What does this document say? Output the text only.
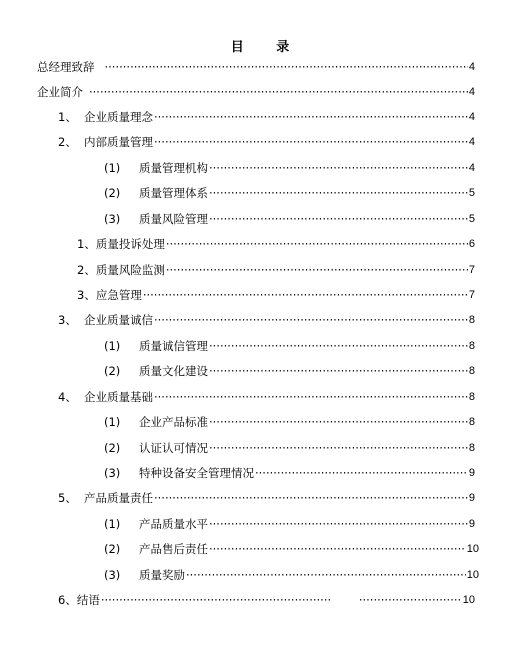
目 录
总经理致辞 ·····	4
企业简介 ·····	4
1、 企业质量理念 ·····	4
2、 内部质量管理 ·····	4
(1)	质量管理机构 ·····	4
(2)	质量管理体系 ·····	5
(3)	质量风险管理 ·····	5
1、质量投诉处理 ·····	6
2、质量风险监测 ·····	7
3、应急管理 ·····	7
3、 企业质量诚信 ·····	8
(1)	质量诚信管理 ·····	8
(2)	质量文化建设 ·····	8
4、 企业质量基础 ·····	8
(1)	企业产品标准 ·····	8
(2)	认证认可情况 ·····	8
(3)	特种设备安全管理情况 ·····	9
5、 产品质量责任 ·····	9
(1)	产品质量水平 ·····	9
(2)	产品售后责任 ·····	10
(3)	质量奖励 ·····	10
6、结语 ····· ·····	10
